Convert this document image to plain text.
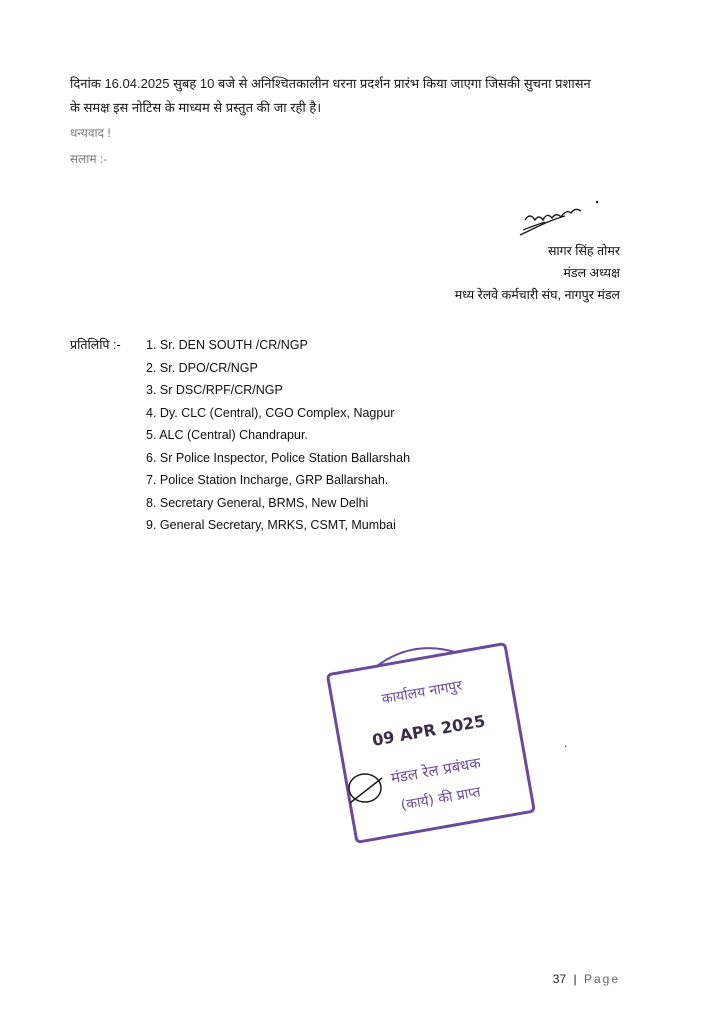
दिनांक 16.04.2025 सुबह 10 बजे से अनिश्चितकालीन धरना प्रदर्शन प्रारंभ किया जाएगा जिसकी सुचना प्रशासन
के समक्ष इस नोटिस के माध्यम से प्रस्तुत की जा रही है।
धन्यवाद !
सलाम :-
सागर सिंह तोमर
मंडल अध्यक्ष
मध्य रेलवे कर्मचारी संघ, नागपुर मंडल
प्रतिलिपि :- 1. Sr. DEN SOUTH /CR/NGP
2. Sr. DPO/CR/NGP
3. Sr DSC/RPF/CR/NGP
4. Dy. CLC (Central), CGO Complex, Nagpur
5. ALC (Central) Chandrapur.
6. Sr Police Inspector, Police Station Ballarshah
7. Police Station Incharge, GRP Ballarshah.
8. Secretary General, BRMS, New Delhi
9. General Secretary, MRKS, CSMT, Mumbai
कार्यालय नागपुर
09 APR 2025
मंडल रेल प्रबंधक
(कार्य) की प्राप्त
.
37 | Page
